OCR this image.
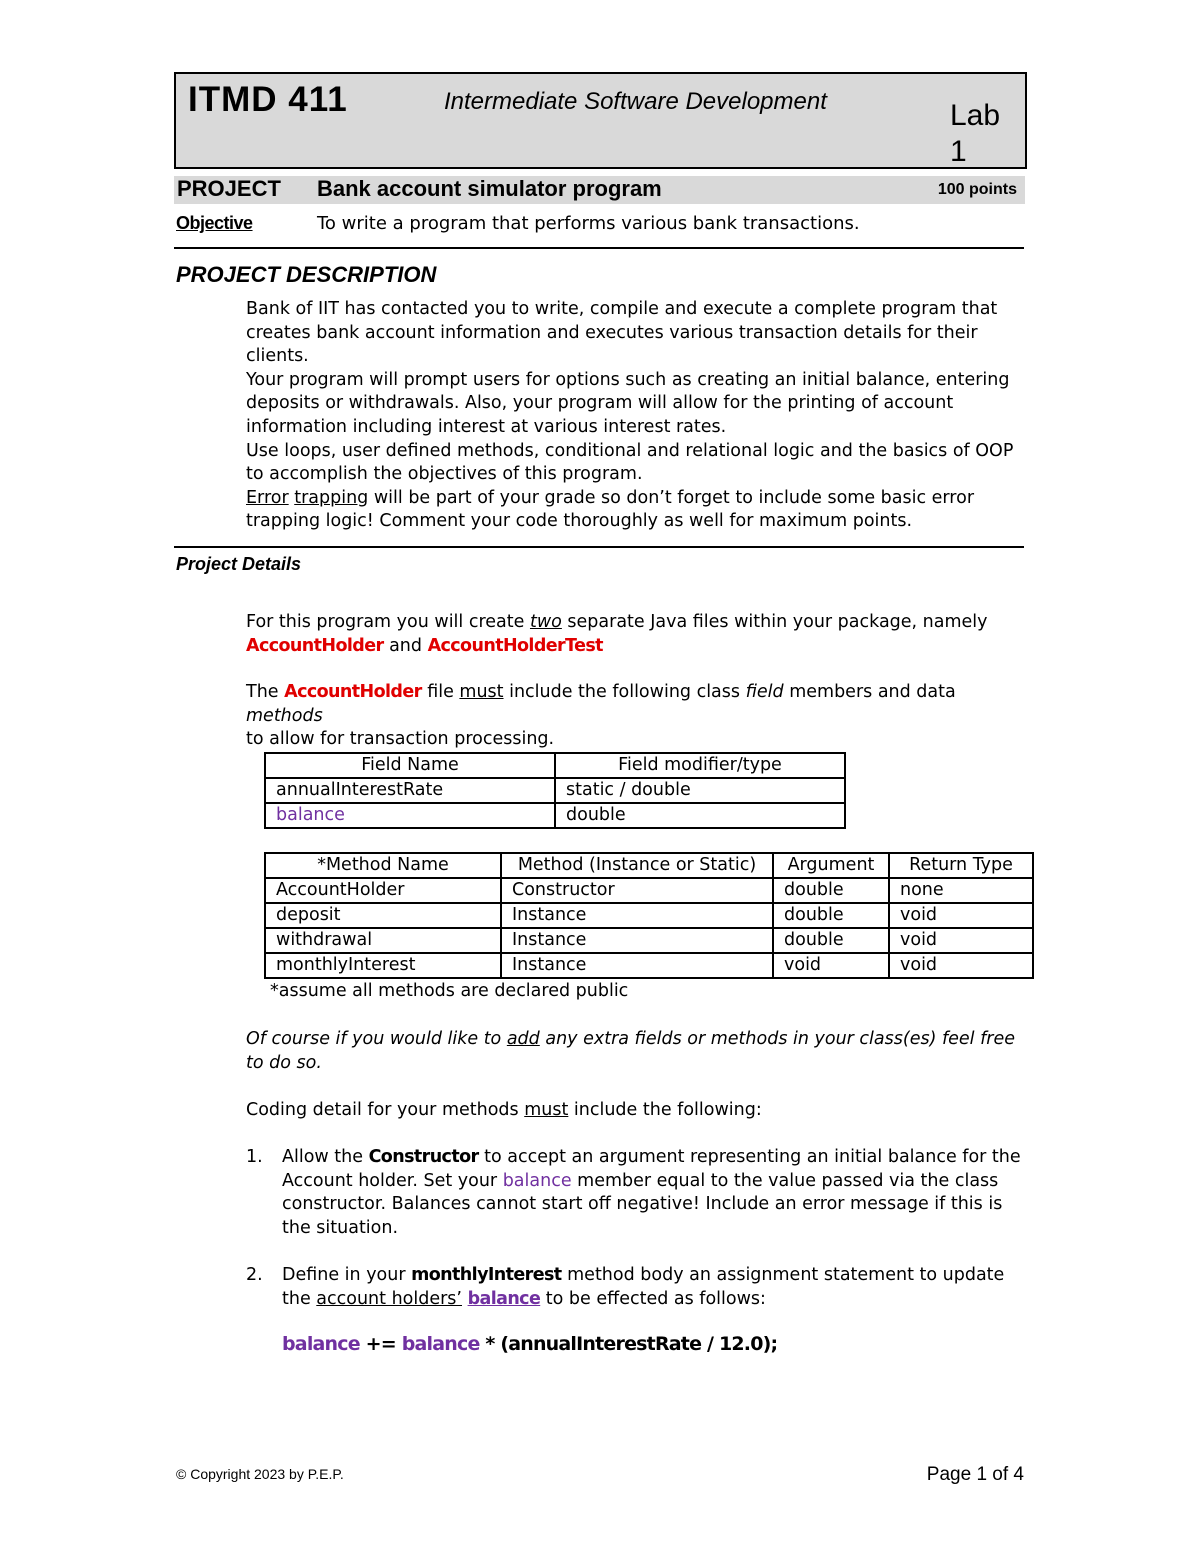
ITMD 411	Intermediate Software Development	Lab 1
PROJECT Bank account simulator program	100 points
Objective	To write a program that performs various bank transactions.
PROJECT DESCRIPTION

Bank of IIT has contacted you to write, compile and execute a complete program that creates bank account information and executes various transaction details for their clients.

Your program will prompt users for options such as creating an initial balance, entering deposits or withdrawals. Also, your program will allow for the printing of account information including interest at various interest rates.

Use loops, user defined methods, conditional and relational logic and the basics of OOP to accomplish the objectives of this program.

Error trapping will be part of your grade so don’t forget to include some basic error trapping logic! Comment your code thoroughly as well for maximum points.

Project Details
For this program you will create two separate Java files within your package, namely
AccountHolder and AccountHolderTest
The AccountHolder file must include the following class field members and data methods
to allow for transaction processing.
Field Name	Field modifier/type
annualInterestRate	static / double
balance	double
*Method Name	Method (Instance or Static)	Argument	Return Type
AccountHolder	Constructor	double	none
deposit	Instance	double	void
withdrawal	Instance	double	void
monthlyInterest	Instance	void	void
*assume all methods are declared public
Of course if you would like to add any extra fields or methods in your class(es) feel free to do so.
Coding detail for your methods must include the following:
1. Allow the Constructor to accept an argument representing an initial balance for the Account holder. Set your balance member equal to the value passed via the class constructor. Balances cannot start off negative! Include an error message if this is the situation.
2. Define in your monthlyInterest method body an assignment statement to update the account holders’ balance to be effected as follows:
balance += balance * (annualInterestRate / 12.0);
© Copyright 2023 by P.E.P.	Page 1 of 4
